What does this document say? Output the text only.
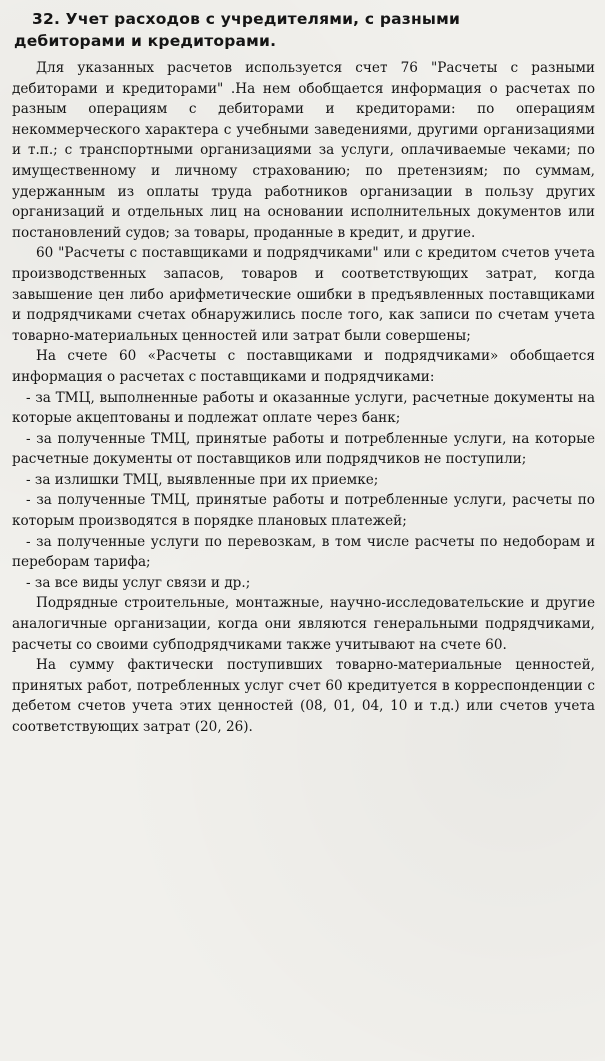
32. Учет расходов с учредителями, с разными
дебиторами и кредиторами.

Для указанных расчетов используется счет 76 "Расчеты с разными дебиторами и кредиторами" .На нем обобщается информация о расчетах по разным операциям с дебиторами и кредиторами: по операциям некоммерческого характера с учебными заведениями, другими организациями и т.п.; с транспортными организациями за услуги, оплачиваемые чеками; по имущественному и личному страхованию; по претензиям; по суммам, удержанным из оплаты труда работников организации в пользу других организаций и отдельных лиц на основании исполнительных документов или постановлений судов; за товары, проданные в кредит, и другие.

60 "Расчеты с поставщиками и подрядчиками" или с кредитом счетов учета производственных запасов, товаров и соответствующих затрат, когда завышение цен либо арифметические ошибки в предъявленных поставщиками и подрядчиками счетах обнаружились после того, как записи по счетам учета товарно-материальных ценностей или затрат были совершены;

На счете 60 «Расчеты с поставщиками и подрядчиками» обобщается информация о расчетах с поставщиками и подрядчиками:

- за ТМЦ, выполненные работы и оказанные услуги, расчетные документы на которые акцептованы и подлежат оплате через банк;

- за полученные ТМЦ, принятые работы и потребленные услуги, на которые расчетные документы от поставщиков или подрядчиков не поступили;

- за излишки ТМЦ, выявленные при их приемке;

- за полученные ТМЦ, принятые работы и потребленные услуги, расчеты по которым производятся в порядке плановых платежей;

- за полученные услуги по перевозкам, в том числе расчеты по недоборам и переборам тарифа;

- за все виды услуг связи и др.;

Подрядные строительные, монтажные, научно-исследовательские и другие аналогичные организации, когда они являются генеральными подрядчиками, расчеты со своими субподрядчиками также учитывают на счете 60.

На сумму фактически поступивших товарно-материальные ценностей, принятых работ, потребленных услуг счет 60 кредитуется в корреспонденции с дебетом счетов учета этих ценностей (08, 01, 04, 10 и т.д.) или счетов учета соответствующих затрат (20, 26).
